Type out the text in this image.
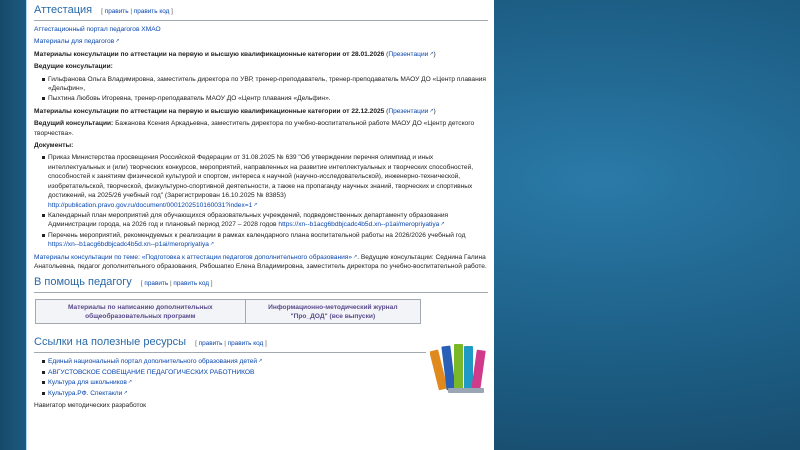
Аттестация [ править | править код ]

Аттестационный портал педагогов ХМАО

Материалы для педагогов ↗

Материалы консультации по аттестации на первую и высшую квалификационные категории от 28.01.2026 (Презентации ↗ )

Ведущие консультации:

Гильфанова Ольга Владимировна, заместитель директора по УВР, тренер-преподаватель, тренер-преподаватель МАОУ ДО «Центр плавания «Дельфин»,
Пыхтина Любовь Игоревна, тренер-преподаватель МАОУ ДО «Центр плавания «Дельфин».

Материалы консультации по аттестации на первую и высшую квалификационные категории от 22.12.2025 (Презентации ↗ )

Ведущий консультации: Бажанова Ксения Аркадьевна, заместитель директора по учебно-воспитательной работе МАОУ ДО «Центр детского творчества».

Документы:

Приказ Министерства просвещения Российской Федерации от 31.08.2025 № 639 "Об утверждении перечня олимпиад и иных интеллектуальных и (или) творческих конкурсов, мероприятий, направленных на развитие интеллектуальных и творческих способностей, способностей к занятиям физической культурой и спортом, интереса к научной (научно-исследовательской), инженерно-технической, изобретательской, творческой, физкультурно-спортивной деятельности, а также на пропаганду научных знаний, творческих и спортивных достижений, на 2025/26 учебный год" (Зарегистрирован 16.10.2025 № 83853)
http://publication.pravo.gov.ru/document/0001202510160031?index=1 ↗
Календарный план мероприятий для обучающихся образовательных учреждений, подведомственных департаменту образования Администрации города, на 2026 год и плановый период 2027 – 2028 годов https://xn--b1acg6bdbjcadc4b5d.xn--p1ai/meropriyatiya ↗
Перечень мероприятий, рекомендуемых к реализации в рамках календарного плана воспитательной работы на 2026/2026 учебный год https://xn--b1acg6bdbjcadc4b5d.xn--p1ai/meropriyatiya ↗

Материалы консультации по теме: «Подготовка к аттестации педагогов дополнительного образования» ↗ . Ведущие консультации: Седнина Галина Анатольевна, педагог дополнительного образования, Рябошапко Елена Владимировна, заместитель директора по учебно-воспитательной работе.

В помощь педагогу [ править | править код ]
Материалы по написанию дополнительных общеобразовательных программ	Информационно-методический журнал "Про_ДОД" (все выпуски)
Ссылки на полезные ресурсы [ править | править код ]
Единый национальный портал дополнительного образования детей ↗
АВГУСТОВСКОЕ СОВЕЩАНИЕ ПЕДАГОГИЧЕСКИХ РАБОТНИКОВ
Культура для школьников ↗
Культура.РФ. Спектакли ↗

Навигатор методических разработок
